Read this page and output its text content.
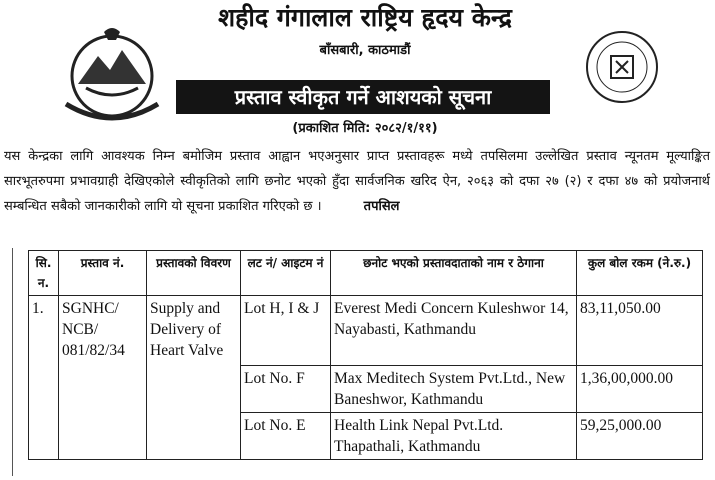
शहीद गंगालाल राष्ट्रिय हृदय केन्द्र
बाँसबारी, काठमाडौं
प्रस्ताव स्वीकृत गर्ने आशयको सूचना
(प्रकाशित मिति: २०८२/१/११)
यस केन्द्रका लागि आवश्यक निम्न बमोजिम प्रस्ताव आह्वान भएअनुसार प्राप्त प्रस्तावहरू मध्ये तपसिलमा उल्लेखित प्रस्ताव न्यूनतम मूल्याङ्कित सारभूतरुपमा प्रभावग्राही देखिएकोले स्वीकृतिको लागि छनोट भएको हुँदा सार्वजनिक खरिद ऐन, २०६३ को दफा २७ (२) र दफा ४७ को प्रयोजनार्थ सम्बन्धित सबैको जानकारीको लागि यो सूचना प्रकाशित गरिएको छ ।	तपसिल
सि. न.	प्रस्ताव नं.	प्रस्तावको विवरण	लट नं/ आइटम नं	छनोट भएको प्रस्तावदाताको नाम र ठेगाना	कुल बोल रकम (ने.रु.)
1.	SGNHC/ NCB/ 081/82/34	Supply and Delivery of Heart Valve	Lot H, I & J	Everest Medi Concern Kuleshwor 14, Nayabasti, Kathmandu	83,11,050.00
			Lot No. F	Max Meditech System Pvt.Ltd., New Baneshwor, Kathmandu	1,36,00,000.00
			Lot No. E	Health Link Nepal Pvt.Ltd. Thapathali, Kathmandu	59,25,000.00
